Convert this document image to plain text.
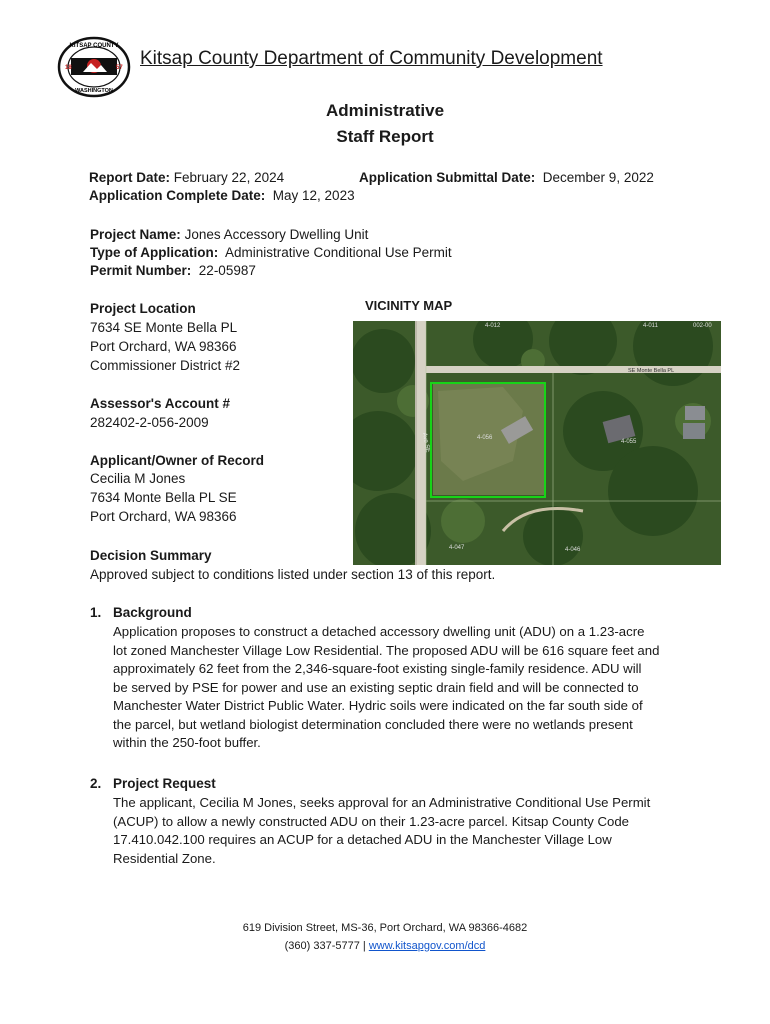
KITSAP COUNTY
WASHINGTON
18	57 Kitsap County Department of Community Development
Administrative
Staff Report
Report Date: February 22, 2024	Application Submittal Date: December 9, 2022
Application Complete Date: May 12, 2023
Project Name: Jones Accessory Dwelling Unit
Type of Application: Administrative Conditional Use Permit
Permit Number: 22-05987
Project Location
7634 SE Monte Bella PL
Port Orchard, WA 98366
Commissioner District #2
Assessor's Account #
282402-2-056-2009
Applicant/Owner of Record
Cecilia M Jones
7634 Monte Bella PL SE
Port Orchard, WA 98366
VICINITY MAP
Ave SE
SE Monte Bella PL
4-012	4-011	002-00
4-056
4-055
4-047	4-046
Decision Summary
Approved subject to conditions listed under section 13 of this report.
1. Background
Application proposes to construct a detached accessory dwelling unit (ADU) on a 1.23-acre
lot zoned Manchester Village Low Residential. The proposed ADU will be 616 square feet and
approximately 62 feet from the 2,346-square-foot existing single-family residence. ADU will
be served by PSE for power and use an existing septic drain field and will be connected to
Manchester Water District Public Water. Hydric soils were indicated on the far south side of
the parcel, but wetland biologist determination concluded there were no wetlands present
within the 250-foot buffer.
2. Project Request
The applicant, Cecilia M Jones, seeks approval for an Administrative Conditional Use Permit
(ACUP) to allow a newly constructed ADU on their 1.23-acre parcel. Kitsap County Code
17.410.042.100 requires an ACUP for a detached ADU in the Manchester Village Low
Residential Zone.
619 Division Street, MS-36, Port Orchard, WA 98366-4682
(360) 337-5777 | www.kitsapgov.com/dcd
